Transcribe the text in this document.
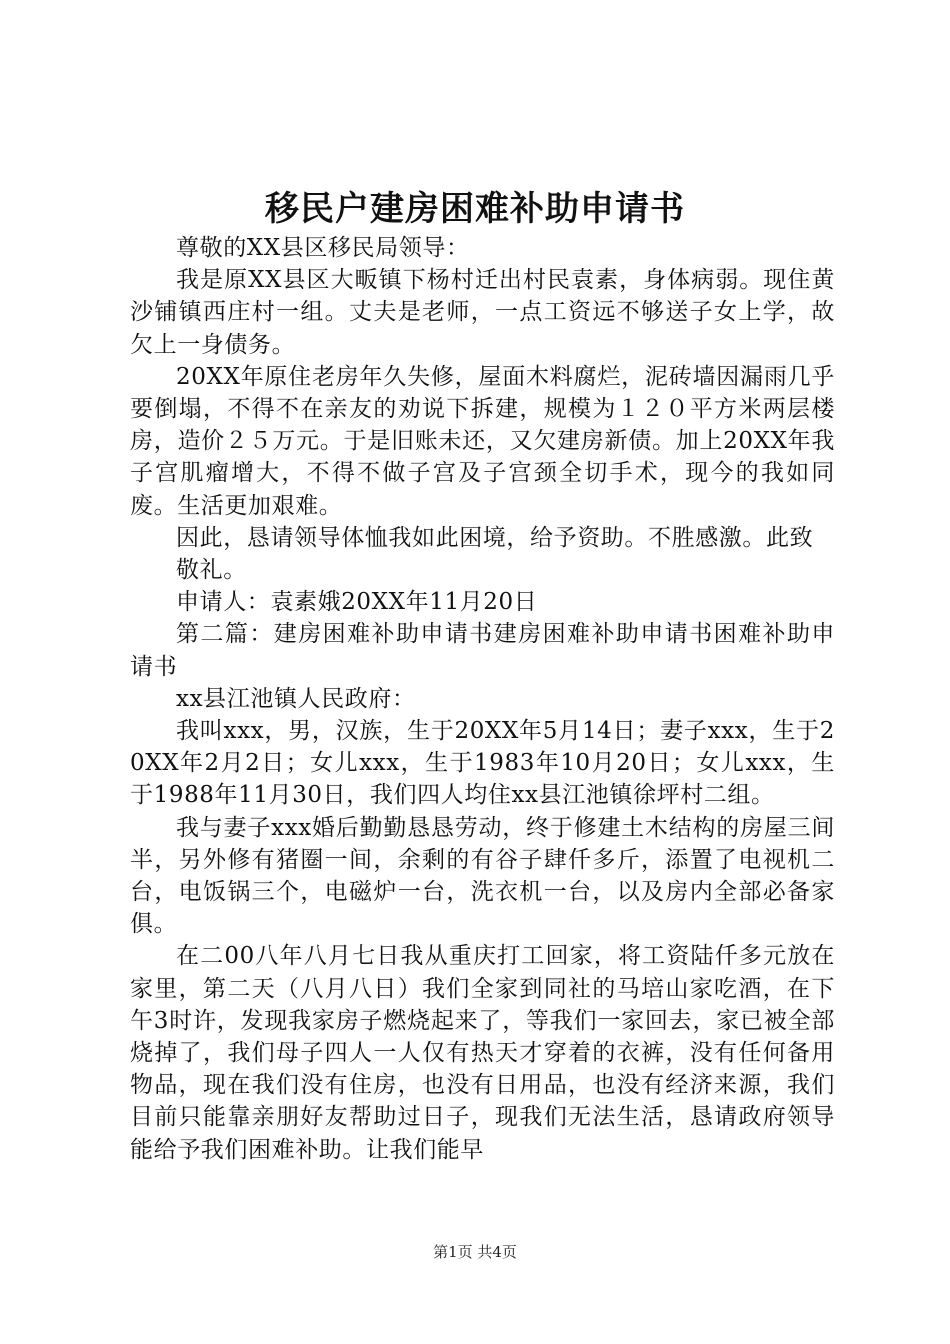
移民户建房困难补助申请书

尊敬的XX县区移民局领导：

我是原XX县区大畈镇下杨村迁出村民袁素，身体病弱。现住黄沙铺镇西庄村一组。丈夫是老师，一点工资远不够送子女上学，故欠上一身债务。

20XX年原住老房年久失修，屋面木料腐烂，泥砖墙因漏雨几乎要倒塌，不得不在亲友的劝说下拆建，规模为１２０平方米两层楼房，造价２５万元。于是旧账未还，又欠建房新债。加上20XX年我子宫肌瘤增大，不得不做子宫及子宫颈全切手术，现今的我如同废。生活更加艰难。

因此，恳请领导体恤我如此困境，给予资助。不胜感激。此致

敬礼。

申请人：袁素娥20XX年11月20日

第二篇：建房困难补助申请书建房困难补助申请书困难补助申请书

xx县江池镇人民政府：

我叫xxx，男，汉族，生于20XX年5月14日；妻子xxx，生于20XX年2月2日；女儿xxx，生于1983年10月20日；女儿xxx，生于1988年11月30日，我们四人均住xx县江池镇徐坪村二组。

我与妻子xxx婚后勤勤恳恳劳动，终于修建土木结构的房屋三间半，另外修有猪圈一间，余剩的有谷子肆仟多斤，添置了电视机二台，电饭锅三个，电磁炉一台，洗衣机一台，以及房内全部必备家俱。

在二00八年八月七日我从重庆打工回家，将工资陆仟多元放在家里，第二天（八月八日）我们全家到同社的马培山家吃酒，在下午3时许，发现我家房子燃烧起来了，等我们一家回去，家已被全部烧掉了，我们母子四人一人仅有热天才穿着的衣裤，没有任何备用物品，现在我们没有住房，也没有日用品，也没有经济来源，我们目前只能靠亲朋好友帮助过日子，现我们无法生活，恳请政府领导能给予我们困难补助。让我们能早

第1页 共4页
